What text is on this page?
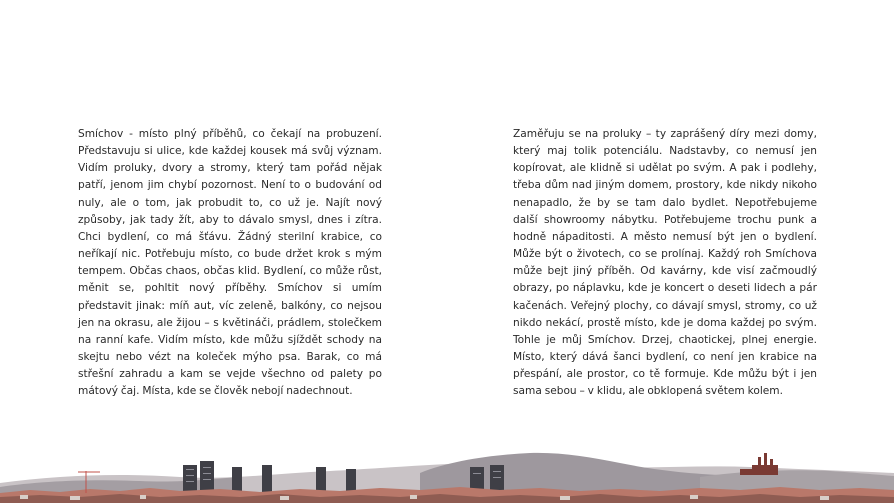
Smíchov - místo plný příběhů, co čekají na probuzení. Představuju si ulice, kde každej kousek má svůj význam. Vidím proluky, dvory a stromy, který tam pořád nějak patří, jenom jim chybí pozornost. Není to o budování od nuly, ale o tom, jak probudit to, co už je. Najít nový způsoby, jak tady žít, aby to dávalo smysl, dnes i zítra. Chci bydlení, co má šťávu. Žádný sterilní krabice, co neříkají nic. Potřebuju místo, co bude držet krok s mým tempem. Občas chaos, občas klid. Bydlení, co může růst, měnit se, pohltit nový příběhy. Smíchov si umím představit jinak: míň aut, víc zeleně, balkóny, co nejsou jen na okrasu, ale žijou – s květináči, prádlem, stolečkem na ranní kafe. Vidím místo, kde můžu sjíždět schody na skejtu nebo vézt na koleček mýho psa. Barak, co má střešní zahradu a kam se vejde všechno od palety po mátový čaj. Místa, kde se člověk nebojí nadechnout.

Zaměřuju se na proluky – ty zaprášený díry mezi domy, který maj tolik potenciálu. Nadstavby, co nemusí jen kopírovat, ale klidně si udělat po svým. A pak i podlehy, třeba dům nad jiným domem, prostory, kde nikdy nikoho nenapadlo, že by se tam dalo bydlet. Nepotřebujeme další showroomy nábytku. Potřebujeme trochu punk a hodně nápaditosti. A město nemusí být jen o bydlení. Může být o životech, co se prolínaj. Každý roh Smíchova může bejt jiný příběh. Od kavárny, kde visí začmoudlý obrazy, po náplavku, kde je koncert o deseti lidech a pár kačenách. Veřejný plochy, co dávají smysl, stromy, co už nikdo nekácí, prostě místo, kde je doma každej po svým. Tohle je můj Smíchov. Drzej, chaotickej, plnej energie. Místo, který dává šanci bydlení, co není jen krabice na přespání, ale prostor, co tě formuje. Kde můžu být i jen sama sebou – v klidu, ale obklopená světem kolem.
